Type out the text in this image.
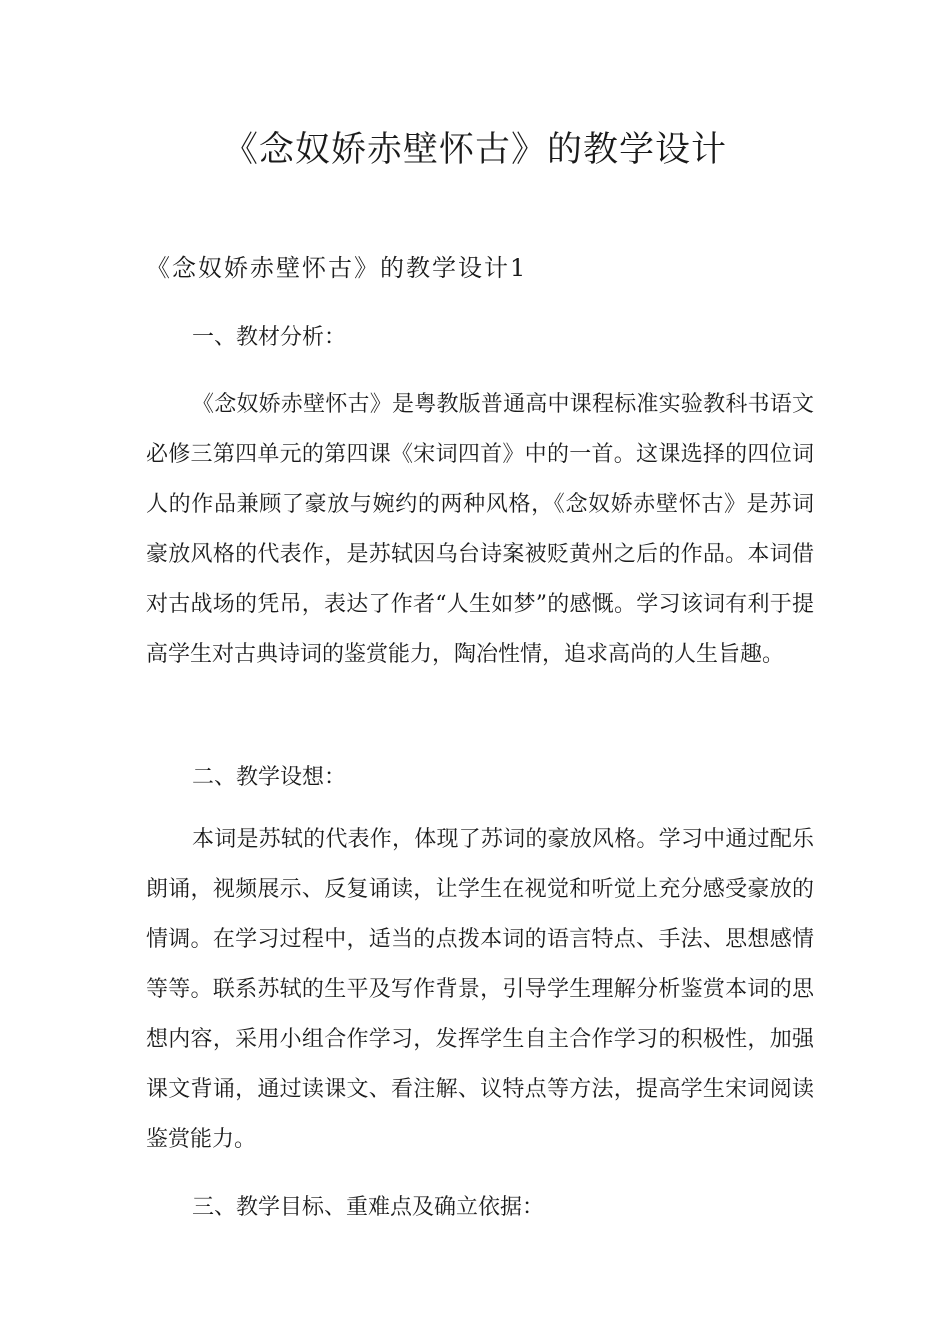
《念奴娇赤壁怀古》的教学设计
《念奴娇赤壁怀古》的教学设计1
一、教材分析：

《念奴娇赤壁怀古》是粤教版普通高中课程标准实验教科书语文必修三第四单元的第四课《宋词四首》中的一首。这课选择的四位词人的作品兼顾了豪放与婉约的两种风格，《念奴娇赤壁怀古》是苏词豪放风格的代表作，是苏轼因乌台诗案被贬黄州之后的作品。本词借对古战场的凭吊，表达了作者“人生如梦”的感慨。学习该词有利于提高学生对古典诗词的鉴赏能力，陶冶性情，追求高尚的人生旨趣。

二、教学设想：

本词是苏轼的代表作，体现了苏词的豪放风格。学习中通过配乐朗诵，视频展示、反复诵读，让学生在视觉和听觉上充分感受豪放的情调。在学习过程中，适当的点拨本词的语言特点、手法、思想感情等等。联系苏轼的生平及写作背景，引导学生理解分析鉴赏本词的思想内容，采用小组合作学习，发挥学生自主合作学习的积极性，加强课文背诵，通过读课文、看注解、议特点等方法，提高学生宋词阅读鉴赏能力。

三、教学目标、重难点及确立依据：
